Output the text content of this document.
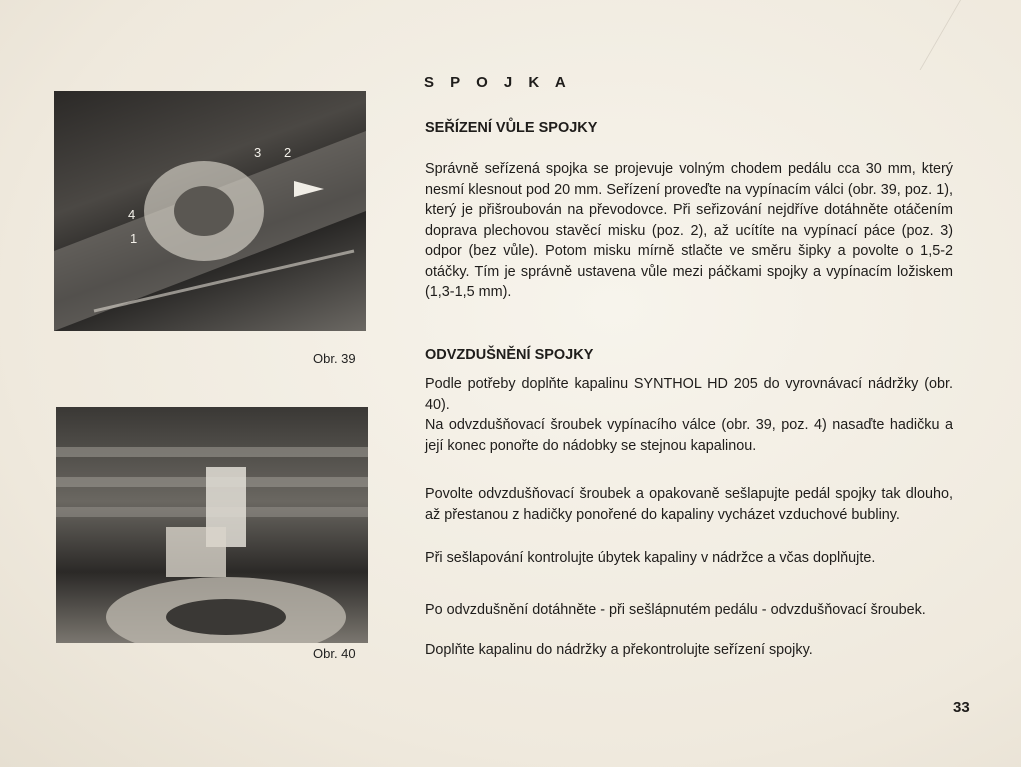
3 2
4
1
Obr. 39
Obr. 40
S P O J K A
SEŘÍZENÍ VŮLE SPOJKY
Správně seřízená spojka se projevuje volným chodem pedálu cca 30 mm, který nesmí klesnout pod 20 mm. Seřízení proveďte na vypínacím válci (obr. 39, poz. 1), který je přišroubován na převodovce. Při seřizování nejdříve dotáhněte otáčením doprava plechovou stavěcí misku (poz. 2), až ucítíte na vypínací páce (poz. 3) odpor (bez vůle). Potom misku mírně stlačte ve směru šipky a povolte o 1,5-2 otáčky. Tím je správně ustavena vůle mezi páčkami spojky a vypínacím ložiskem (1,3-1,5 mm).
ODVZDUŠNĚNÍ SPOJKY
Podle potřeby doplňte kapalinu SYNTHOL HD 205 do vyrovnávací nádržky (obr. 40).
Na odvzdušňovací šroubek vypínacího válce (obr. 39, poz. 4) nasaďte hadičku a její konec ponořte do nádobky se stejnou kapalinou.
Povolte odvzdušňovací šroubek a opakovaně sešlapujte pedál spojky tak dlouho, až přestanou z hadičky ponořené do kapaliny vycházet vzduchové bubliny.
Při sešlapování kontrolujte úbytek kapaliny v nádržce a včas doplňujte.
Po odvzdušnění dotáhněte - při sešlápnutém pedálu - odvzdušňovací šroubek.
Doplňte kapalinu do nádržky a překontrolujte seřízení spojky.
33
